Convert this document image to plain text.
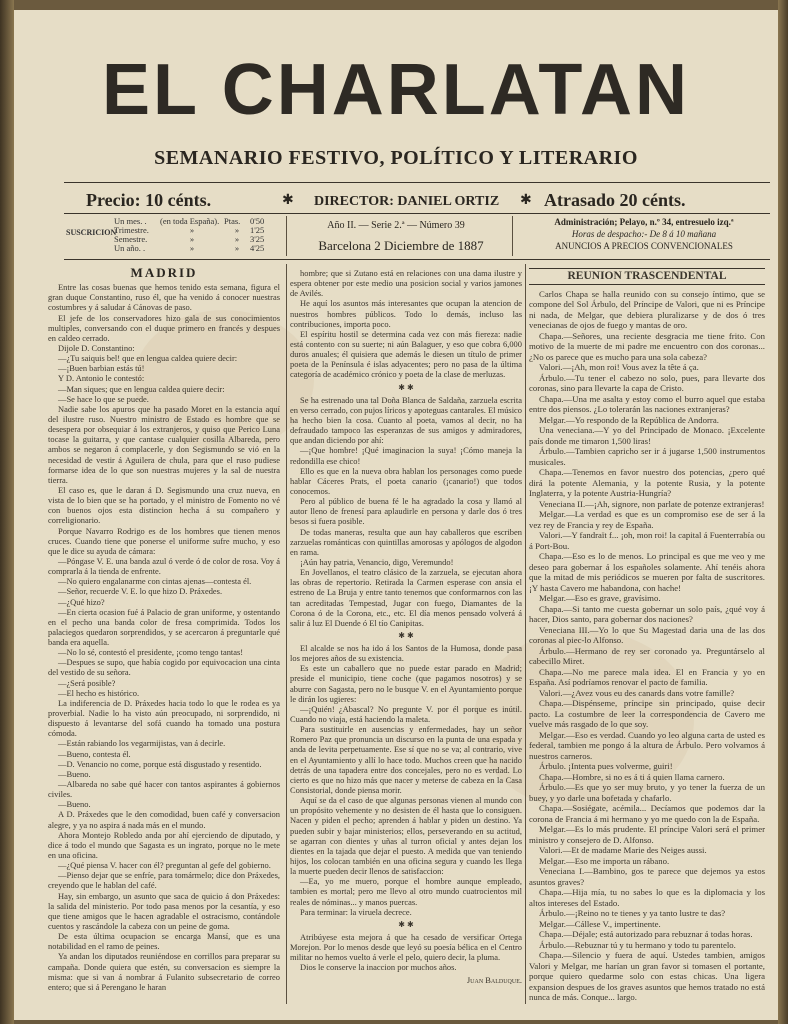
EL CHARLATAN
SEMANARIO FESTIVO, POLÍTICO Y LITERARIO
Precio: 10 cénts.	✱ DIRECTOR: DANIEL ORTIZ ✱ Atrasado 20 cénts.
SUSCRICION
Un mes. . (en toda España). Ptas. 0'50
Trimestre.	»	» 1'25
Semestre.	»	» 3'25
Un año. .	»	» 4'25
Año II. — Serie 2.ª — Número 39
Barcelona 2 Diciembre de 1887
Administración; Pelayo, n.º 34, entresuelo izq.ª
Horas de despacho:- De 8 á 10 mañana
ANUNCIOS A PRECIOS CONVENCIONALES
MADRID

Entre las cosas buenas que hemos tenido esta semana, figura el gran duque Constantino, ruso él, que ha venido á conocer nuestras costumbres y á saludar á Cánovas de paso.

El jefe de los conservadores hizo gala de sus conocimientos multiples, conversando con el duque primero en francés y despues en caldeo cerrado.

Dijole D. Constantino:

—¿Tu saiquis bel! que en lengua caldea quiere decir:

—¡Buen barbian estás tú!

Y D. Antonio le contestó:

—Man siques; que en lengua caldea quiere decir:

—Se hace lo que se puede.

Nadie sabe los apuros que ha pasado Moret en la estancia aquí del ilustre ruso. Nuestro ministro de Estado es hombre que se desespera por obsequiar á los extranjeros, y quiso que Perico Luna tocase la guitarra, y que cantase cualquier cosilla Albareda, pero ambos se negaron á complacerle, y don Segismundo se vió en la necesidad de vestir á Aguilera de chula, para que el ruso pudiese formarse idea de lo que son nuestras mujeres y la sal de nuestra tierra.

El caso es, que le daran á D. Segismundo una cruz nueva, en vista de lo bien que se ha portado, y el ministro de Fomento no vé con buenos ojos esta distincion hecha á su compañero y correligionario.

Porque Navarro Rodrigo es de los hombres que tienen menos cruces. Cuando tiene que ponerse el uniforme sufre mucho, y eso que le dice su ayuda de cámara:

—Póngase V. E. una banda azul ó verde ó de color de rosa. Voy á comprarla á la tienda de enfrente.

—No quiero engalanarme con cintas ajenas—contesta él.

—Señor, recuerde V. E. lo que hizo D. Práxedes.

—¿Qué hizo?

—En cierta ocasion fué á Palacio de gran uniforme, y ostentando en el pecho una banda color de fresa comprimida. Todos los palaciegos quedaron sorprendidos, y se acercaron á preguntarle qué banda era aquella.

—No lo sé, contestó el presidente, ¡como tengo tantas!

—Despues se supo, que había cogido por equivocacion una cinta del vestido de su señora.

—¿Será posible?

—El hecho es histórico.

La indiferencia de D. Práxedes hacia todo lo que le rodea es ya proverbial. Nadie lo ha visto aún preocupado, ni sorprendido, ni dispuesto á levantarse del sofá cuando ha tomado una postura cómoda.

—Están rabiando los vegarmijistas, van á decirle.

—Bueno, contesta él.

—D. Venancio no come, porque está disgustado y resentido.

—Bueno.

—Albareda no sabe qué hacer con tantos aspirantes á gobiernos civiles.

—Bueno.

A D. Práxedes que le den comodidad, buen café y conversacion alegre, y ya no aspira á nada más en el mundo.

Ahora Montejo Robledo anda por ahí ejerciendo de diputado, y dice á todo el mundo que Sagasta es un ingrato, porque no le mete en una oficina.

—¿Qué piensa V. hacer con él? preguntan al gefe del gobierno.

—Pienso dejar que se enfríe, para tomármelo; dice don Práxedes, creyendo que le hablan del café.

Hay, sin embargo, un asunto que saca de quicio á don Práxedes: la salida del ministerio. Por todo pasa menos por la cesantía, y eso que tiene amigos que le hacen agradable el ostracismo, contándole cuentos y rascándole la cabeza con un peine de goma.

De esta última ocupacion se encarga Mansí, que es una notabilidad en el ramo de peines.

Ya andan los diputados reuniéndose en corrillos para preparar su campaña. Donde quiera que estén, su conversacion es siempre la misma: que si van á nombrar á Fulanito subsecretario de correo entero; que si á Perengano le haran

hombre; que si Zutano está en relaciones con una dama ilustre y espera obtener por este medio una posicion social y varios jamones de Avilés.

He aquí los asuntos más interesantes que ocupan la atencion de nuestros hombres públicos. Todo lo demás, incluso las contribuciones, importa poco.

El espíritu hostil se determina cada vez con más fiereza: nadie está contento con su suerte; ni aún Balaguer, y eso que cobra 6,000 duros anuales; él quisiera que además le diesen un título de primer poeta de la Península é islas adyacentes; pero no pasa de la última categoría de académico crónico y poeta de la clase de merluzas.

✱ ✱

Se ha estrenado una tal Doña Blanca de Saldaña, zarzuela escrita en verso cerrado, con pujos líricos y apoteguas cantarales. El músico ha hecho bien la cosa. Cuanto al poeta, vamos al decir, no ha defraudado tampoco las esperanzas de sus amigos y admiradores, que andan diciendo por ahí:

—¡Que hombre! ¡Qué imaginacion la suya! ¡Cómo maneja la redondilla ese chico!

Ello es que en la nueva obra hablan los personages como puede hablar Cáceres Prats, el poeta canario (¡canario!) que todos conocemos.

Pero al público de buena fé le ha agradado la cosa y llamó al autor lleno de frenesí para aplaudirle en persona y darle dos ó tres besos si fuera posible.

De todas maneras, resulta que aun hay caballeros que escriben zarzuelas románticas con quintillas amorosas y apólogos de algodon en rama.

¡Aún hay patria, Venancio, digo, Veremundo!

En Jovellanos, el teatro clásico de la zarzuela, se ejecutan ahora las obras de repertorio. Retirada la Carmen esperase con ansia el estreno de La Bruja y entre tanto tenemos que conformarnos con las tan acreditadas Tempestad, Jugar con fuego, Diamantes de la Corona ó de la Corona, etc., etc. El día menos pensado volverá á salir á luz El Duende ó El tío Canipitas.

✱ ✱

El alcalde se nos ha ido á los Santos de la Humosa, donde pasa los mejores años de su existencia.

Es este un caballero que no puede estar parado en Madrid; preside el municipio, tiene coche (que pagamos nosotros) y se aburre con Sagasta, pero no le busque V. en el Ayuntamiento porque le dirán los ugieres:

—¡Quién! ¿Abascal? No pregunte V. por él porque es inútil. Cuando no viaja, está haciendo la maleta.

Para sustituirle en ausencias y enfermedades, hay un señor Romero Paz que pronuncia un discurso en la punta de una espada y anda de levita perpetuamente. Ese sí que no se va; al contrario, vive en el Ayuntamiento y allí lo hace todo. Muchos creen que ha nacido detrás de una tapadera entre dos concejales, pero no es verdad. Lo cierto es que no hizo más que nacer y meterse de cabeza en la Casa Consistorial, donde piensa morir.

Aquí se da el caso de que algunas personas vienen al mundo con un propósito vehemente y no desisten de él hasta que lo consiguen. Nacen y piden el pecho; aprenden á hablar y piden un destino. Ya pueden subir y bajar ministerios; ellos, perseverando en su actitud, se agarran con dientes y uñas al turron oficial y antes dejan los dientes en la tajada que dejar el puesto. A medida que van teniendo hijos, los colocan también en una oficina segura y cuando les llega la muerte pueden decir llenos de satisfaccion:

—Ea, yo me muero, porque el hombre aunque empleado, tambien es mortal; pero me llevo al otro mundo cuatrocientos mil reales de nóminas... y manos puercas.

Para terminar: la viruela decrece.

✱ ✱

Atribúyese esta mejora á que ha cesado de versificar Ortega Morejon. Por lo menos desde que leyó su poesía bélica en el Centro militar no hemos vuelto á verle el pelo, quiero decir, la pluma.

Dios le conserve la inaccion por muchos años.

Juan Balduque.
REUNION TRASCENDENTAL

Carlos Chapa se halla reunido con su consejo íntimo, que se compone del Sol Árbulo, del Príncipe de Valori, que ni es Príncipe ni nada, de Melgar, que debiera pluralizarse y de dos ó tres venecianas de ojos de fuego y mantas de oro.

Chapa.—Señores, una reciente desgracia me tiene frito. Con motivo de la muerte de mi padre me encuentro con dos coronas... ¿No os parece que es mucho para una sola cabeza?

Valori.—¡Ah, mon roi! Vous avez la tête á ça.

Árbulo.—Tu tener el cabezo no solo, pues, para llevarte dos coronas, sino para llevarte la capa de Cristo.

Chapa.—Una me asalta y estoy como el burro aquel que estaba entre dos piensos. ¿Lo tolerarán las naciones extranjeras?

Melgar.—Yo respondo de la República de Andorra.

Una veneciana.—Y yo del Principado de Monaco. ¡Excelente país donde me timaron 1,500 liras!

Árbulo.—Tambien capricho ser ir á jugarse 1,500 instrumentos musicales.

Chapa.—Tenemos en favor nuestro dos potencias, ¿pero qué dirá la potente Alemania, y la potente Rusia, y la potente Inglaterra, y la potente Austria-Hungría?

Veneciana II.—¡Ah, signore, non parlate de potenze extranjeras!

Melgar.—La verdad es que es un compromiso ese de ser á la vez rey de Francia y rey de España.

Valori.—Y fandraït f... ¡oh, mon roi! la capital á Fuenterrabía ou á Port-Bou.

Chapa.—Eso es lo de menos. Lo principal es que me veo y me deseo para gobernar á los españoles solamente. Ahí tenéis ahora que la mitad de mis periódicos se mueren por falta de suscritores. ¡Y hasta Cavero me habandona, con hache!

Melgar.—Eso es grave, gravísimo.

Chapa.—Si tanto me cuesta gobernar un solo país, ¿qué voy á hacer, Dios santo, para gobernar dos naciones?

Veneciana III.—Yo lo que Su Magestad daria una de las dos coronas al piec-lo Alfonso.

Árbulo.—Hermano de rey ser coronado ya. Preguntárselo al cabecillo Miret.

Chapa.—No me parece mala idea. El en Francia y yo en España. Así podríamos renovar el pacto de familia.

Valori.—¿Avez vous eu des canards dans votre famille?

Chapa.—Dispénseme, príncipe sin principado, quise decir pacto. La costumbre de leer la correspondencia de Cavero me vuelve más rasgado de lo que soy.

Melgar.—Eso es verdad. Cuando yo leo alguna carta de usted es federal, tambien me pongo á la altura de Árbulo. Pero volvamos á nuestros carneros.

Árbulo. ¡Intenta pues volverme, guiri!

Chapa.—Hombre, si no es á ti á quien llama carnero.

Árbulo.—Es que yo ser muy bruto, y yo tener la fuerza de un buey, y yo darle una bofetada y chafarlo.

Chapa.—Sosiégate, acémila... Decíamos que podemos dar la corona de Francia á mi hermano y yo me quedo con la de España.

Melgar.—Es lo más prudente. El príncipe Valori será el primer ministro y consejero de D. Alfonso.

Valori.—Et de madame Marie des Neiges aussi.

Melgar.—Eso me importa un rábano.

Veneciana I.—Bambino, gos te parece que dejemos ya estos asuntos graves?

Chapa.—Hija mía, tu no sabes lo que es la diplomacia y los altos intereses del Estado.

Árbulo.—¡Reino no te tienes y ya tanto lustre te das?

Melgar.—Cállese V., impertinente.

Chapa.—Déjale; está autorizado para rebuznar á todas horas.

Árbulo.—Rebuznar tú y tu hermano y todo tu parentelo.

Chapa.—Silencio y fuera de aquí. Ustedes tambien, amigos Valori y Melgar, me harían un gran favor si tomasen el portante, porque quiero quedarme solo con estas chicas. Una ligera expansion despues de los graves asuntos que hemos tratado no está nunca de más. Conque... largo.
